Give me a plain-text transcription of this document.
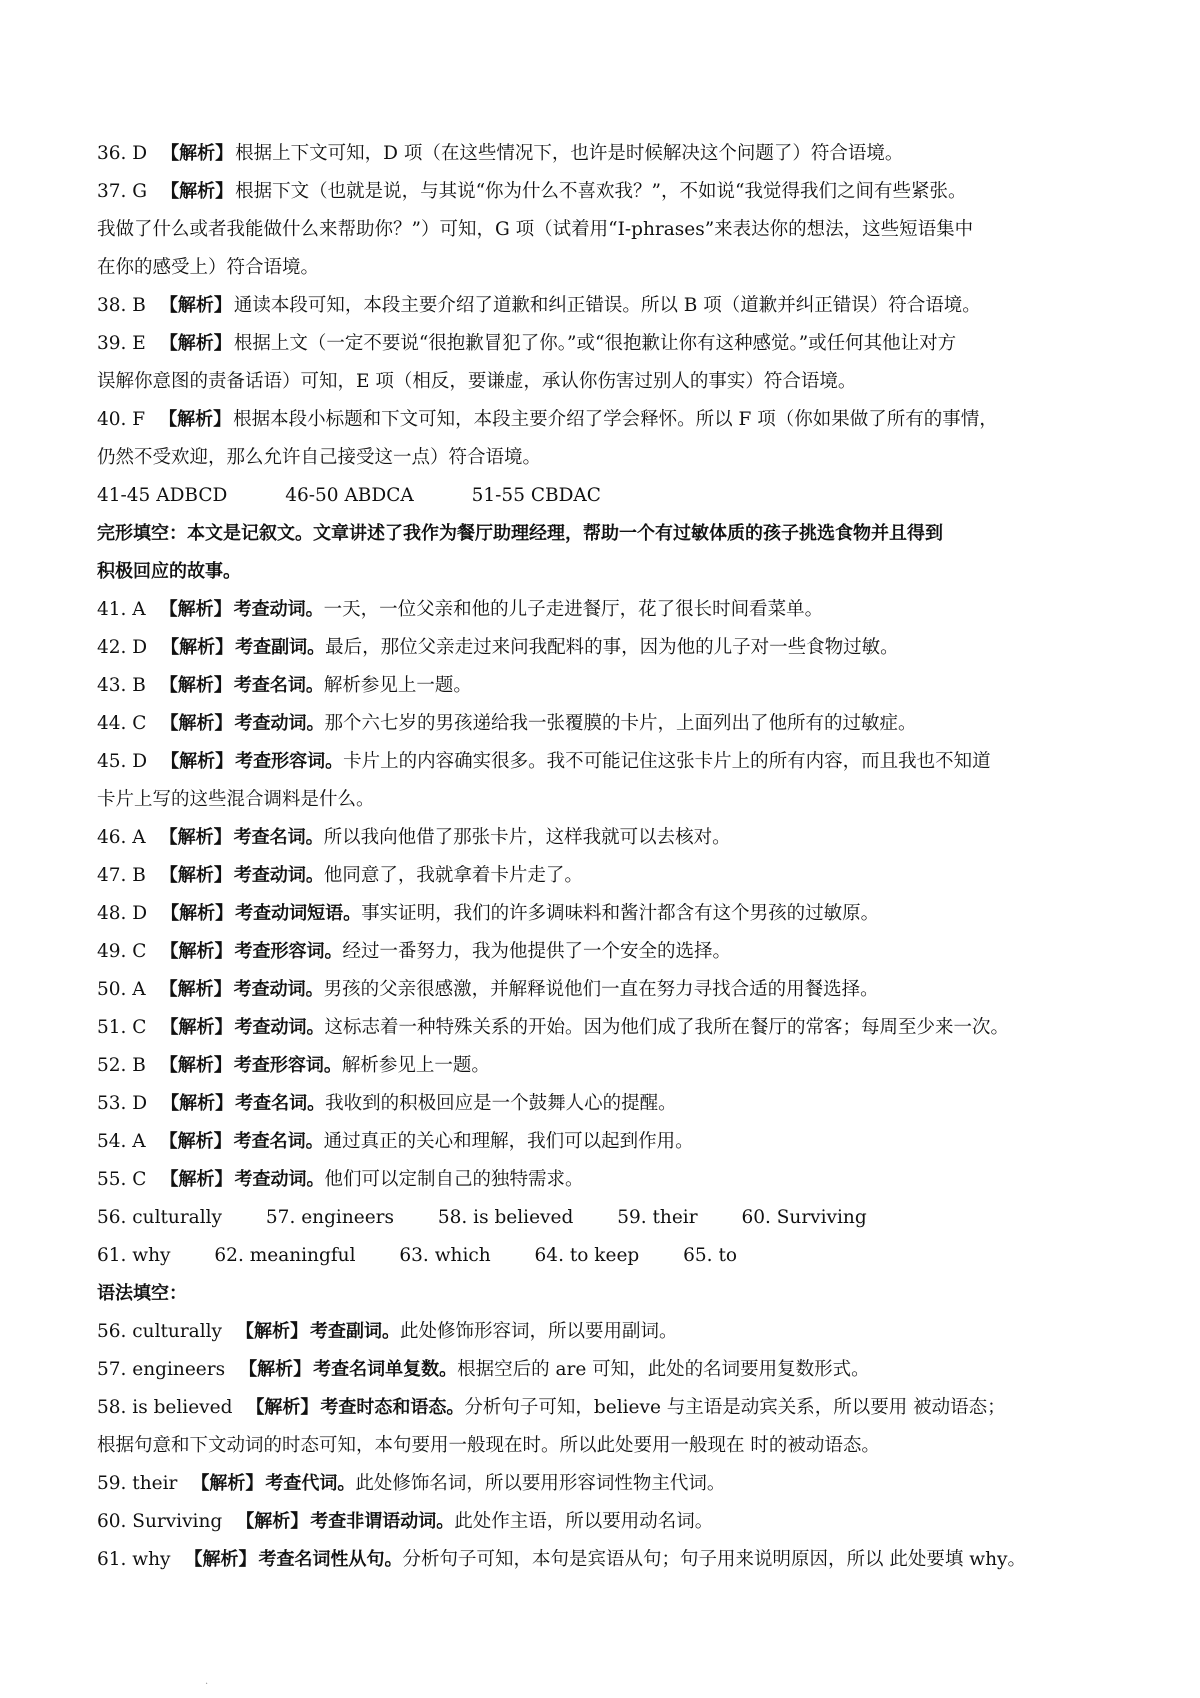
36. D 【解析】 根据上下文可知，D 项（在这些情况下，也许是时候解决这个问题了）符合语境。
37. G 【解析】 根据下文（也就是说，与其说“你为什么不喜欢我？”，不如说“我觉得我们之间有些紧张。
我做了什么或者我能做什么来帮助你？”）可知，G 项（试着用“I-phrases”来表达你的想法，这些短语集中
在你的感受上）符合语境。
38. B 【解析】 通读本段可知，本段主要介绍了道歉和纠正错误。所以 B 项（道歉并纠正错误）符合语境。
39. E 【解析】 根据上文（一定不要说“很抱歉冒犯了你。”或“很抱歉让你有这种感觉。”或任何其他让对方
误解你意图的责备话语）可知，E 项（相反，要谦虚，承认你伤害过别人的事实）符合语境。
40. F 【解析】 根据本段小标题和下文可知，本段主要介绍了学会释怀。所以 F 项（你如果做了所有的事情，
仍然不受欢迎，那么允许自己接受这一点）符合语境。
41-45 ADBCD	46-50 ABDCA	51-55 CBDAC
完形填空：本文是记叙文。文章讲述了我作为餐厅助理经理，帮助一个有过敏体质的孩子挑选食物并且得到
积极回应的故事。
41. A 【解析】 考查动词。一天，一位父亲和他的儿子走进餐厅，花了很长时间看菜单。
42. D 【解析】 考查副词。最后，那位父亲走过来问我配料的事，因为他的儿子对一些食物过敏。
43. B 【解析】 考查名词。解析参见上一题。
44. C 【解析】 考查动词。那个六七岁的男孩递给我一张覆膜的卡片，上面列出了他所有的过敏症。
45. D 【解析】 考查形容词。卡片上的内容确实很多。我不可能记住这张卡片上的所有内容，而且我也不知道
卡片上写的这些混合调料是什么。
46. A 【解析】 考查名词。所以我向他借了那张卡片，这样我就可以去核对。
47. B 【解析】 考查动词。他同意了，我就拿着卡片走了。
48. D 【解析】 考查动词短语。事实证明，我们的许多调味料和酱汁都含有这个男孩的过敏原。
49. C 【解析】 考查形容词。经过一番努力，我为他提供了一个安全的选择。
50. A 【解析】 考查动词。男孩的父亲很感激，并解释说他们一直在努力寻找合适的用餐选择。
51. C 【解析】 考查动词。这标志着一种特殊关系的开始。因为他们成了我所在餐厅的常客；每周至少来一次。
52. B 【解析】 考查形容词。解析参见上一题。
53. D 【解析】 考查名词。我收到的积极回应是一个鼓舞人心的提醒。
54. A 【解析】 考查名词。通过真正的关心和理解，我们可以起到作用。
55. C 【解析】 考查动词。他们可以定制自己的独特需求。
56. culturally 57. engineers 58. is believed 59. their 60. Surviving
61. why 62. meaningful 63. which 64. to keep 65. to
语法填空：
56. culturally 【解析】 考查副词。此处修饰形容词，所以要用副词。
57. engineers 【解析】 考查名词单复数。根据空后的 are 可知，此处的名词要用复数形式。
58. is believed 【解析】 考查时态和语态。分析句子可知，believe 与主语是动宾关系，所以要用 被动语态；
根据句意和下文动词的时态可知，本句要用一般现在时。所以此处要用一般现在 时的被动语态。
59. their 【解析】 考查代词。此处修饰名词，所以要用形容词性物主代词。
60. Surviving 【解析】 考查非谓语动词。此处作主语，所以要用动名词。
61. why 【解析】 考查名词性从句。分析句子可知，本句是宾语从句；句子用来说明原因，所以 此处要填 why。
.
